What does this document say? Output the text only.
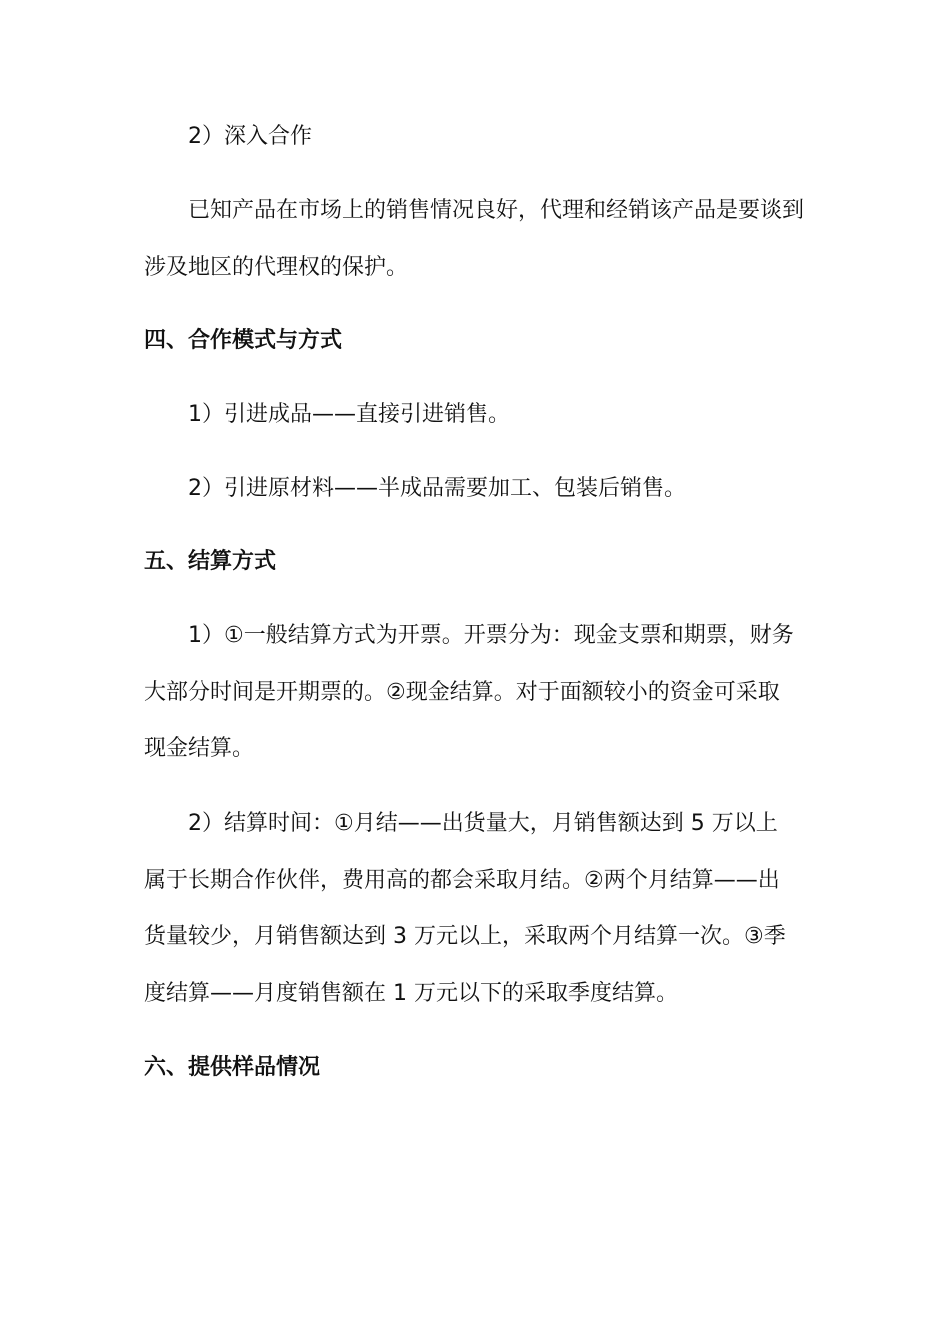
2）深入合作
已知产品在市场上的销售情况良好，代理和经销该产品是要谈到
涉及地区的代理权的保护。
四、合作模式与方式
1）引进成品——直接引进销售。
2）引进原材料——半成品需要加工、包装后销售。
五、结算方式
1）①一般结算方式为开票。开票分为：现金支票和期票，财务
大部分时间是开期票的。②现金结算。对于面额较小的资金可采取
现金结算。
2）结算时间：①月结——出货量大，月销售额达到 5 万以上
属于长期合作伙伴，费用高的都会采取月结。②两个月结算——出
货量较少，月销售额达到 3 万元以上，采取两个月结算一次。③季
度结算——月度销售额在 1 万元以下的采取季度结算。
六、提供样品情况
